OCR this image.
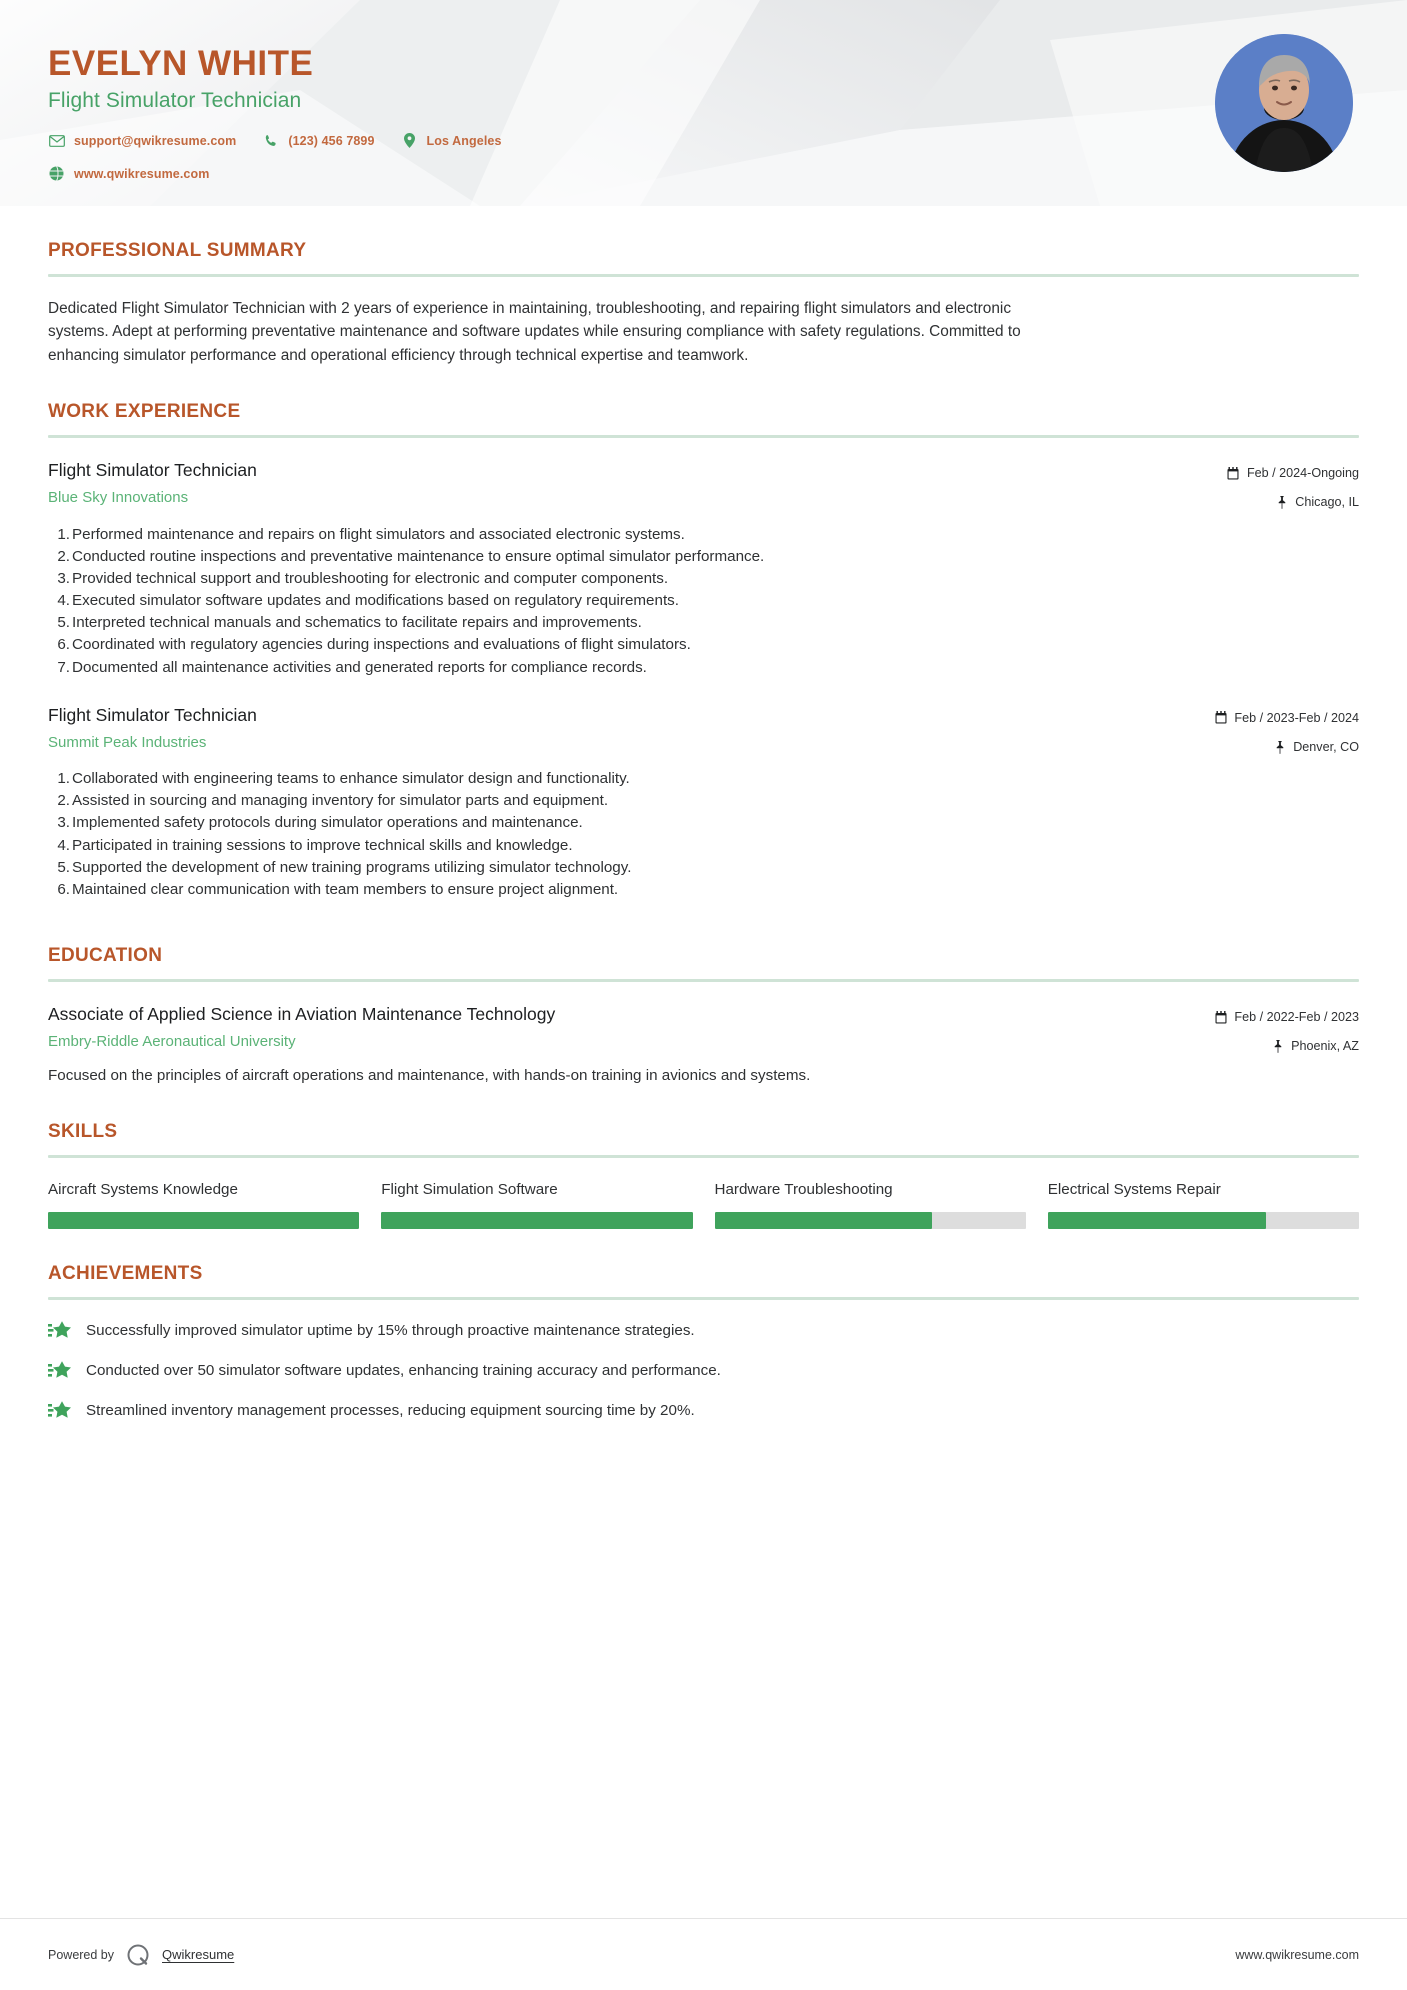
EVELYN WHITE
Flight Simulator Technician
support@qwikresume.com	(123) 456 7899	Los Angeles
www.qwikresume.com
PROFESSIONAL SUMMARY

Dedicated Flight Simulator Technician with 2 years of experience in maintaining, troubleshooting, and repairing flight simulators and electronic systems. Adept at performing preventative maintenance and software updates while ensuring compliance with safety regulations. Committed to enhancing simulator performance and operational efficiency through technical expertise and teamwork.

WORK EXPERIENCE
Flight Simulator Technician
Blue Sky Innovations
Feb / 2024-Ongoing
Chicago, IL
1 . Performed maintenance and repairs on flight simulators and associated electronic systems.
2 . Conducted routine inspections and preventative maintenance to ensure optimal simulator performance.
3 . Provided technical support and troubleshooting for electronic and computer components.
4 . Executed simulator software updates and modifications based on regulatory requirements.
5 . Interpreted technical manuals and schematics to facilitate repairs and improvements.
6 . Coordinated with regulatory agencies during inspections and evaluations of flight simulators.
7 . Documented all maintenance activities and generated reports for compliance records.
Flight Simulator Technician
Summit Peak Industries
Feb / 2023-Feb / 2024
Denver, CO
1 . Collaborated with engineering teams to enhance simulator design and functionality.
2 . Assisted in sourcing and managing inventory for simulator parts and equipment.
3 . Implemented safety protocols during simulator operations and maintenance.
4 . Participated in training sessions to improve technical skills and knowledge.
5 . Supported the development of new training programs utilizing simulator technology.
6 . Maintained clear communication with team members to ensure project alignment.
EDUCATION
Associate of Applied Science in Aviation Maintenance Technology
Embry-Riddle Aeronautical University
Feb / 2022-Feb / 2023
Phoenix, AZ
Focused on the principles of aircraft operations and maintenance, with hands-on training in avionics and systems.
SKILLS
Aircraft Systems Knowledge	Flight Simulation Software	Hardware Troubleshooting	Electrical Systems Repair
ACHIEVEMENTS
Successfully improved simulator uptime by 15% through proactive maintenance strategies.
Conducted over 50 simulator software updates, enhancing training accuracy and performance.
Streamlined inventory management processes, reducing equipment sourcing time by 20%.
Powered by	Qwikresume	www.qwikresume.com
